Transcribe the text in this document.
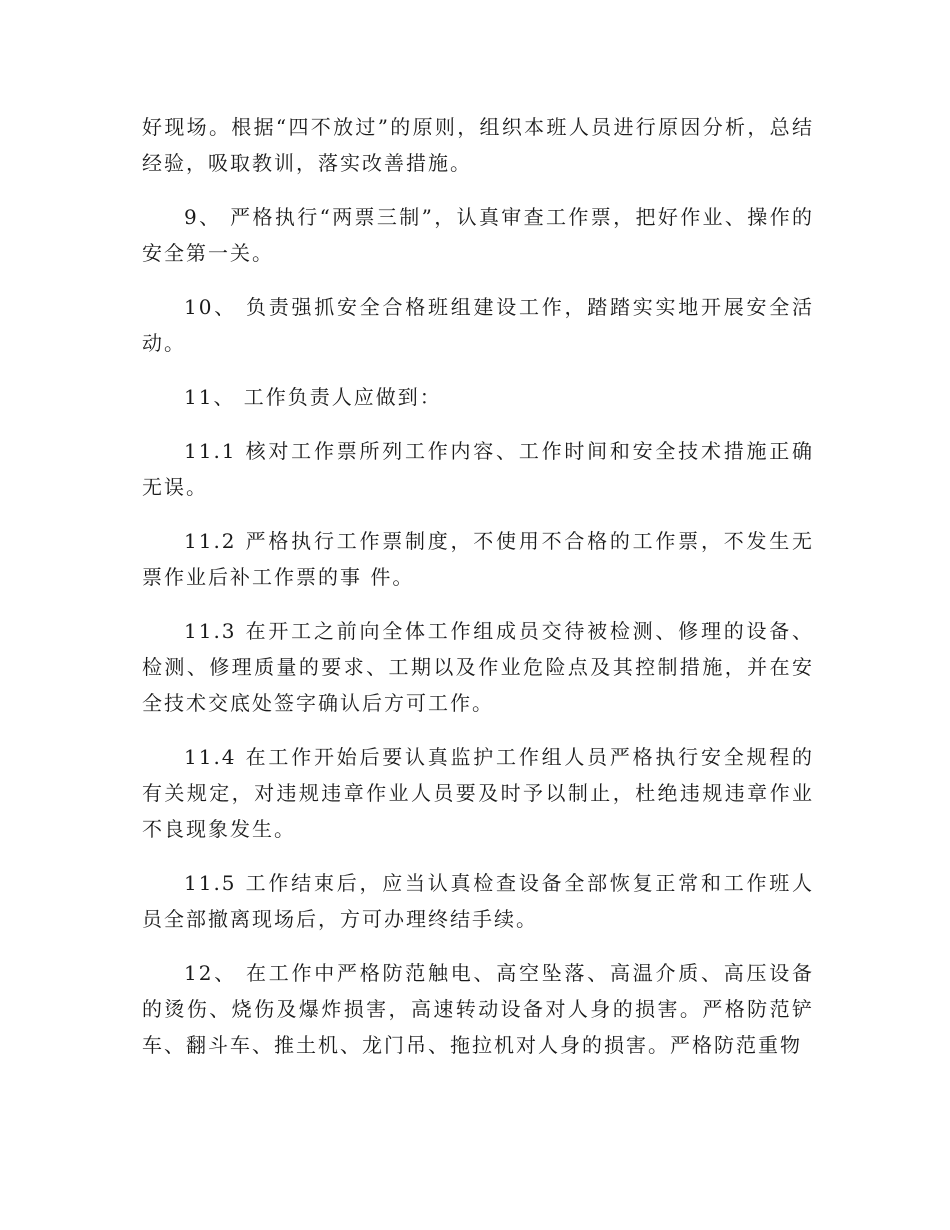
好现场。根据“四不放过”的原则，组织本班人员进行原因分析，总结经验，吸取教训，落实改善措施。

9、 严格执行“两票三制”，认真审查工作票，把好作业、操作的安全第一关。

10、 负责强抓安全合格班组建设工作，踏踏实实地开展安全活动。

11、 工作负责人应做到：

11.1 核对工作票所列工作内容、工作时间和安全技术措施正确无误。

11.2 严格执行工作票制度，不使用不合格的工作票，不发生无票作业后补工作票的事 件。

11.3 在开工之前向全体工作组成员交待被检测、修理的设备、检测、修理质量的要求、工期以及作业危险点及其控制措施，并在安全技术交底处签字确认后方可工作。

11.4 在工作开始后要认真监护工作组人员严格执行安全规程的有关规定，对违规违章作业人员要及时予以制止，杜绝违规违章作业不良现象发生。

11.5 工作结束后，应当认真检查设备全部恢复正常和工作班人员全部撤离现场后，方可办理终结手续。

12、 在工作中严格防范触电、高空坠落、高温介质、高压设备的烫伤、烧伤及爆炸损害，高速转动设备对人身的损害。严格防范铲车、翻斗车、推土机、龙门吊、拖拉机对人身的损害。严格防范重物
